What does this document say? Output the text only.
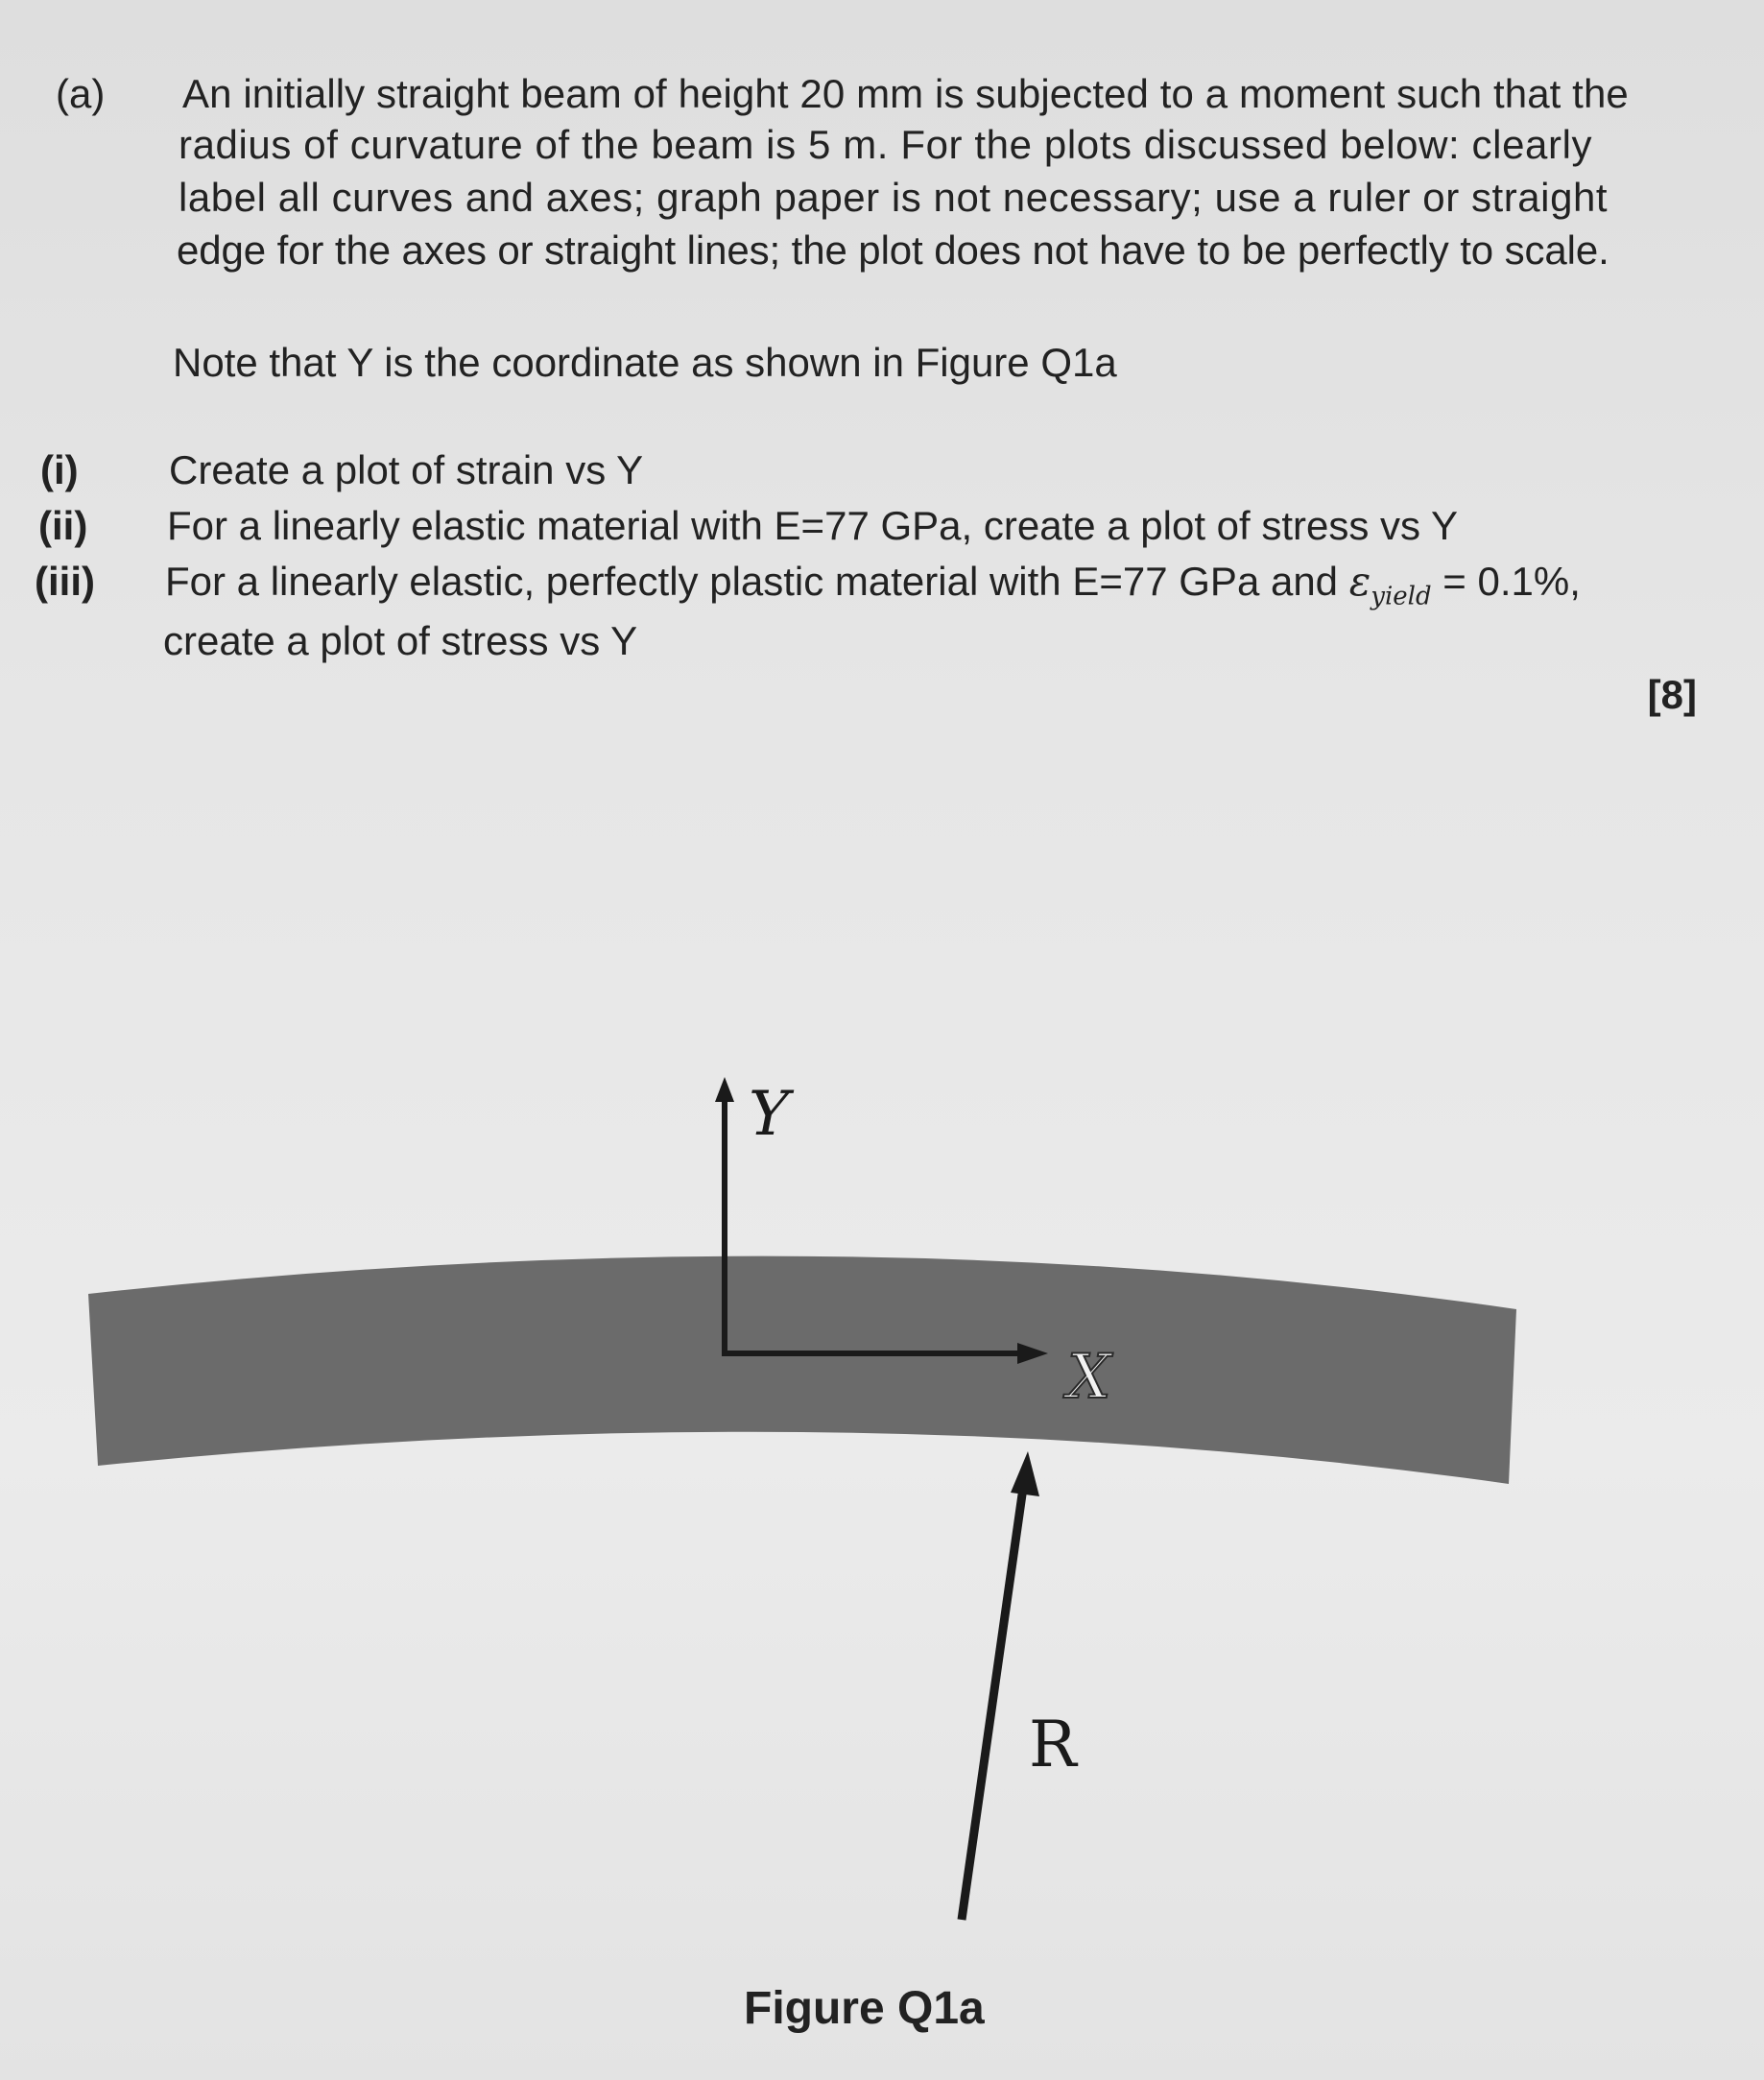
(a) An initially straight beam of height 20 mm is subjected to a moment such that the
radius of curvature of the beam is 5 m. For the plots discussed below: clearly
label all curves and axes; graph paper is not necessary; use a ruler or straight
edge for the axes or straight lines; the plot does not have to be perfectly to scale.
Note that Y is the coordinate as shown in Figure Q1a
(i) Create a plot of strain vs Y
(ii) For a linearly elastic material with E=77 GPa, create a plot of stress vs Y
(iii) For a linearly elastic, perfectly plastic material with E=77 GPa and $\varepsilon_{yield} = 0.1\%$,
create a plot of stress vs Y
[8]
Y
X
R
Figure Q1a
